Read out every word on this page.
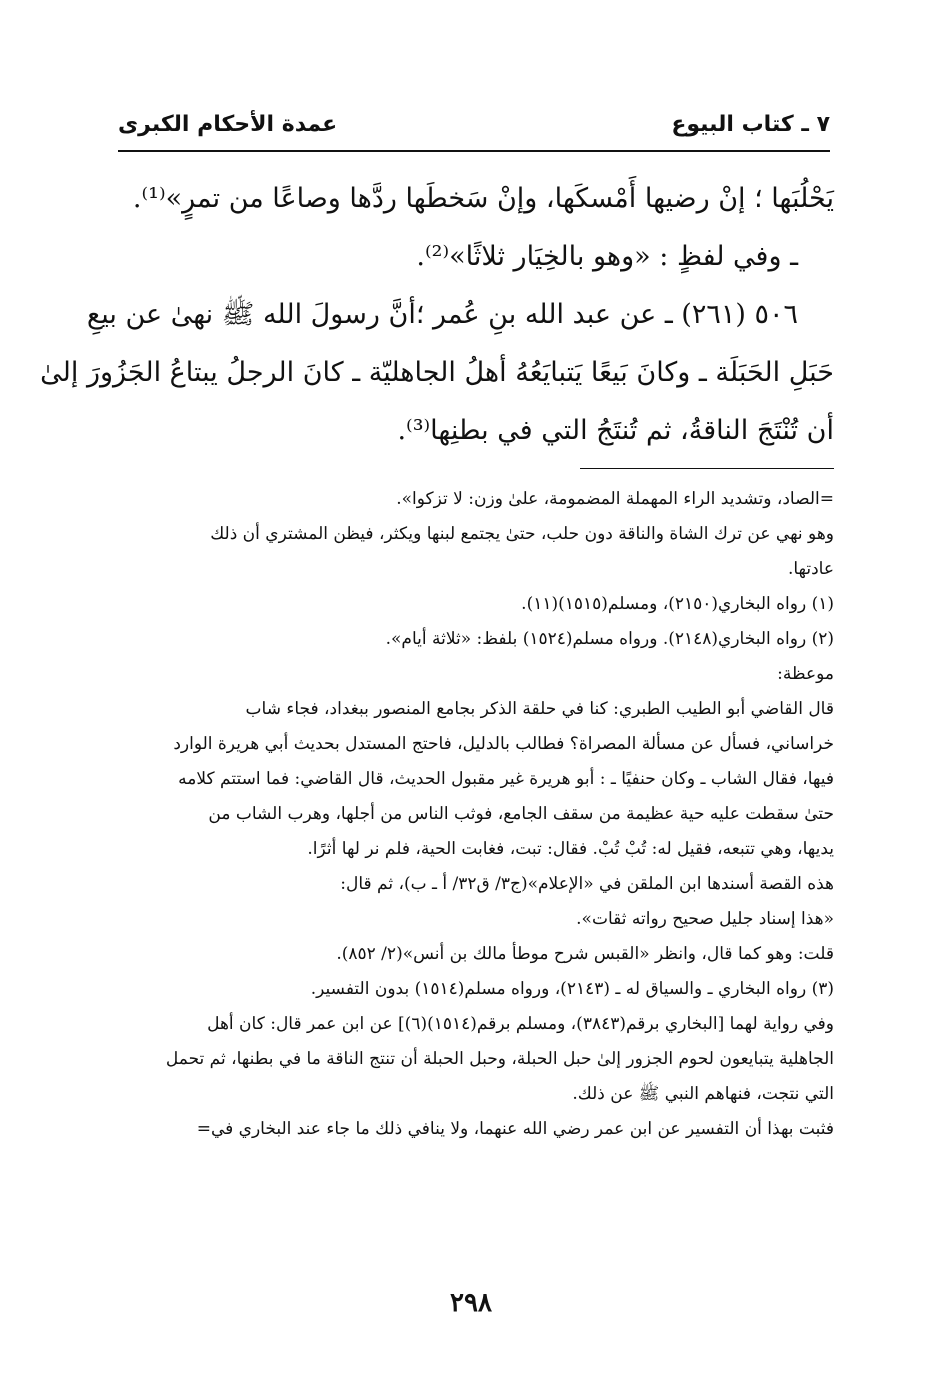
٧ ـ كتاب البيوع
عمدة الأحكام الكبرى

يَحْلُبَها ؛ إنْ رضيها أَمْسكَها، وإنْ سَخطَها ردَّها وصاعًا من تمرٍ»⁽¹⁾.

ـ وفي لفظٍ : «وهو بالخِيَار ثلاثًا»⁽²⁾.

٥٠٦ (٢٦١) ـ عن عبد الله بنِ عُمر ؛أنَّ رسولَ الله ﷺ نهىٰ عن بيعِ

حَبَلِ الحَبَلَة ـ وكانَ بَيعًا يَتبايَعُهُ أهلُ الجاهليّة ـ كانَ الرجلُ يبتاعُ الجَزُورَ إلىٰ

أن تُنْتَجَ الناقةُ، ثم تُنتَجُ التي في بطنِها⁽³⁾.

=الصاد، وتشديد الراء المهملة المضمومة، علىٰ وزن: لا تزكوا».

وهو نهي عن ترك الشاة والناقة دون حلب، حتىٰ يجتمع لبنها ويكثر، فيظن المشتري أن ذلك

عادتها.

(١) رواه البخاري(٢١٥٠)، ومسلم(١٥١٥)(١١).

(٢) رواه البخاري(٢١٤٨). ورواه مسلم(١٥٢٤) بلفظ: «ثلاثة أيام».

موعظة:

قال القاضي أبو الطيب الطبري: كنا في حلقة الذكر بجامع المنصور ببغداد، فجاء شاب

خراساني، فسأل عن مسألة المصراة؟ فطالب بالدليل، فاحتج المستدل بحديث أبي هريرة الوارد

فيها، فقال الشاب ـ وكان حنفيًا ـ : أبو هريرة غير مقبول الحديث، قال القاضي: فما استتم كلامه

حتىٰ سقطت عليه حية عظيمة من سقف الجامع، فوثب الناس من أجلها، وهرب الشاب من

يديها، وهي تتبعه، فقيل له: تُبْ تُبْ. فقال: تبت، فغابت الحية، فلم نر لها أثرًا.

هذه القصة أسندها ابن الملقن في «الإعلام»(ج٣/ ق٣٢/ أ ـ ب)، ثم قال:

«هذا إسناد جليل صحيح رواته ثقات».

قلت: وهو كما قال، وانظر «القبس شرح موطأ مالك بن أنس»(٢/ ٨٥٢).

(٣) رواه البخاري ـ والسياق له ـ (٢١٤٣)، ورواه مسلم(١٥١٤) بدون التفسير.

وفي رواية لهما [البخاري برقم(٣٨٤٣)، ومسلم برقم(١٥١٤)(٦)] عن ابن عمر قال: كان أهل

الجاهلية يتبايعون لحوم الجزور إلىٰ حبل الحبلة، وحبل الحبلة أن تنتج الناقة ما في بطنها، ثم تحمل

التي نتجت، فنهاهم النبي ﷺ عن ذلك.

فثبت بهذا أن التفسير عن ابن عمر رضي الله عنهما، ولا ينافي ذلك ما جاء عند البخاري في=

٢٩٨
